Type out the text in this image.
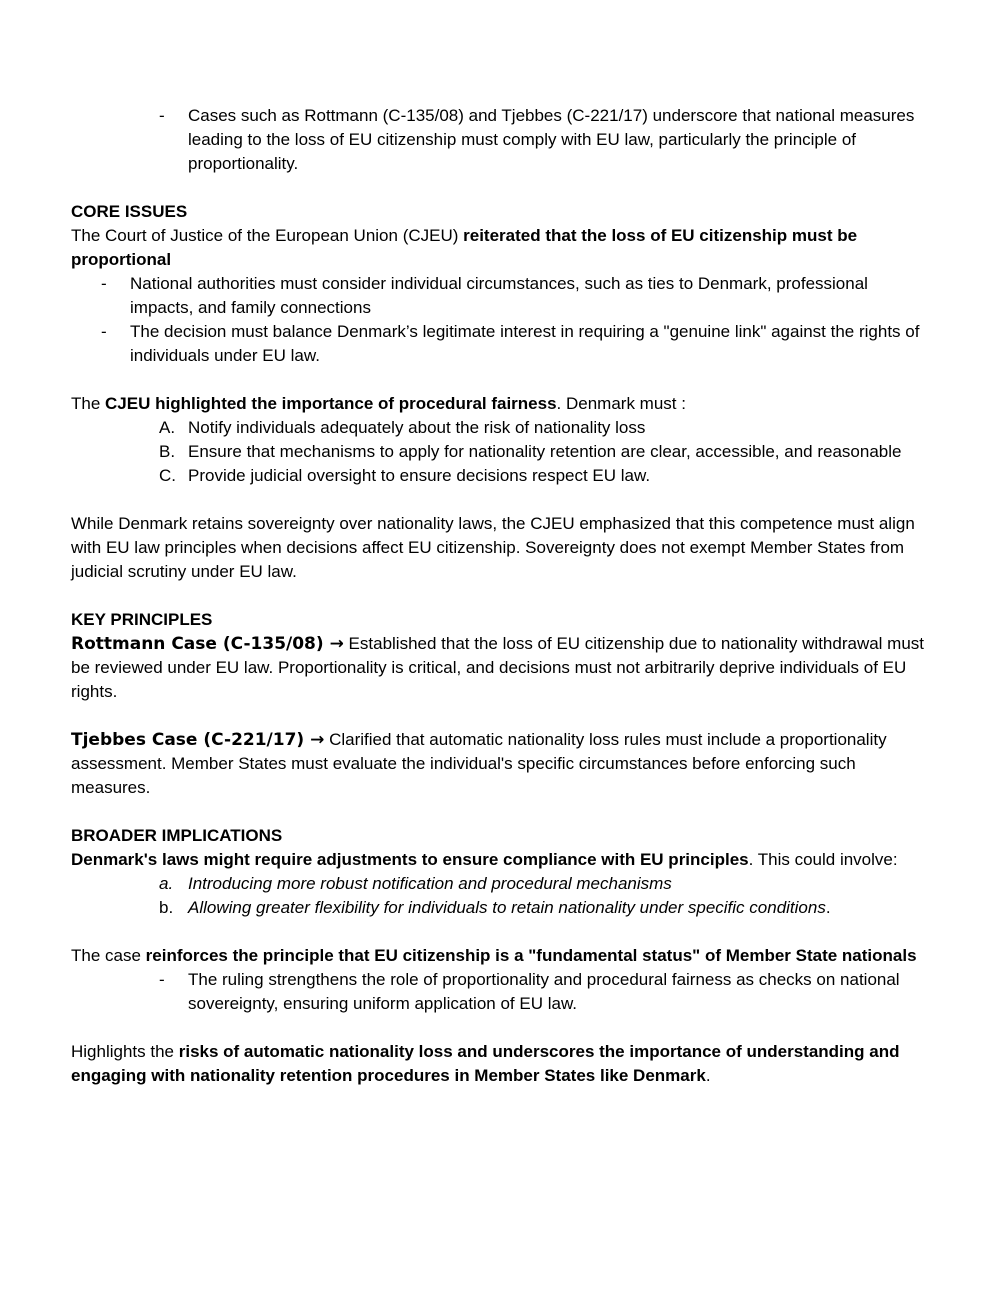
- Cases such as Rottmann (C-135/08) and Tjebbes (C-221/17) underscore that national measures leading to the loss of EU citizenship must comply with EU law, particularly the principle of proportionality.

CORE ISSUES

The Court of Justice of the European Union (CJEU) reiterated that the loss of EU citizenship must be proportional

- National authorities must consider individual circumstances, such as ties to Denmark, professional impacts, and family connections
- The decision must balance Denmark’s legitimate interest in requiring a "genuine link" against the rights of individuals under EU law.

The CJEU highlighted the importance of procedural fairness. Denmark must :

A. Notify individuals adequately about the risk of nationality loss
B. Ensure that mechanisms to apply for nationality retention are clear, accessible, and reasonable
C. Provide judicial oversight to ensure decisions respect EU law.

While Denmark retains sovereignty over nationality laws, the CJEU emphasized that this competence must align with EU law principles when decisions affect EU citizenship. Sovereignty does not exempt Member States from judicial scrutiny under EU law.

KEY PRINCIPLES

Rottmann Case (C-135/08) → Established that the loss of EU citizenship due to nationality withdrawal must be reviewed under EU law. Proportionality is critical, and decisions must not arbitrarily deprive individuals of EU rights.

Tjebbes Case (C-221/17) → Clarified that automatic nationality loss rules must include a proportionality assessment. Member States must evaluate the individual's specific circumstances before enforcing such measures.

BROADER IMPLICATIONS

Denmark's laws might require adjustments to ensure compliance with EU principles. This could involve:

a. Introducing more robust notification and procedural mechanisms
b. Allowing greater flexibility for individuals to retain nationality under specific conditions.

The case reinforces the principle that EU citizenship is a "fundamental status" of Member State nationals

- The ruling strengthens the role of proportionality and procedural fairness as checks on national sovereignty, ensuring uniform application of EU law.

Highlights the risks of automatic nationality loss and underscores the importance of understanding and engaging with nationality retention procedures in Member States like Denmark.
